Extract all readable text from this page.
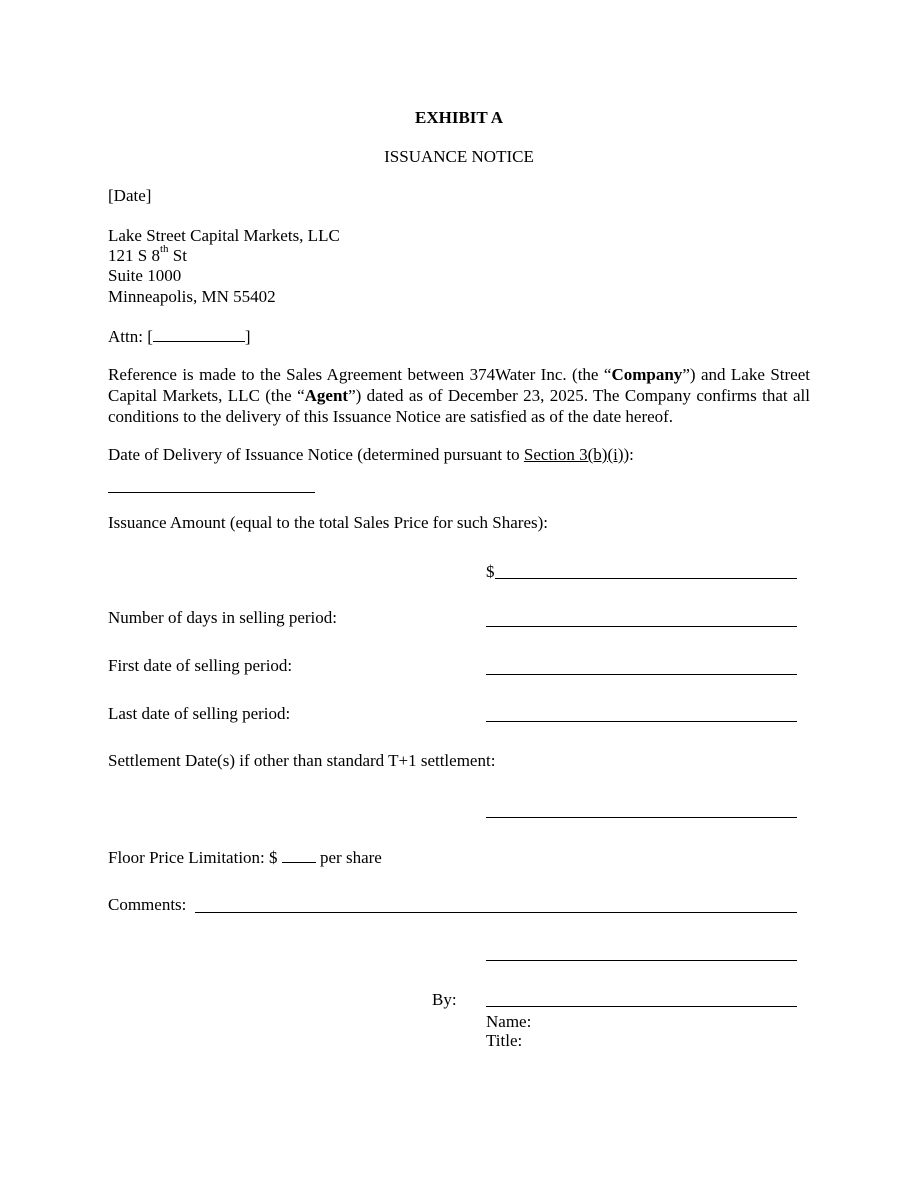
EXHIBIT A
ISSUANCE NOTICE
[Date]
Lake Street Capital Markets, LLC
121 S 8th St
Suite 1000
Minneapolis, MN 55402
Attn: [	]
Reference is made to the Sales Agreement between 374Water Inc. (the “Company”) and Lake Street Capital Markets, LLC (the “Agent”) dated as of December 23, 2025. The Company confirms that all conditions to the delivery of this Issuance Notice are satisfied as of the date hereof.
Date of Delivery of Issuance Notice (determined pursuant to Section 3(b)(i)):
Issuance Amount (equal to the total Sales Price for such Shares):
$
Number of days in selling period:
First date of selling period:
Last date of selling period:
Settlement Date(s) if other than standard T+1 settlement:
Floor Price Limitation: $  per share
Comments:
By:
Name:
Title:
